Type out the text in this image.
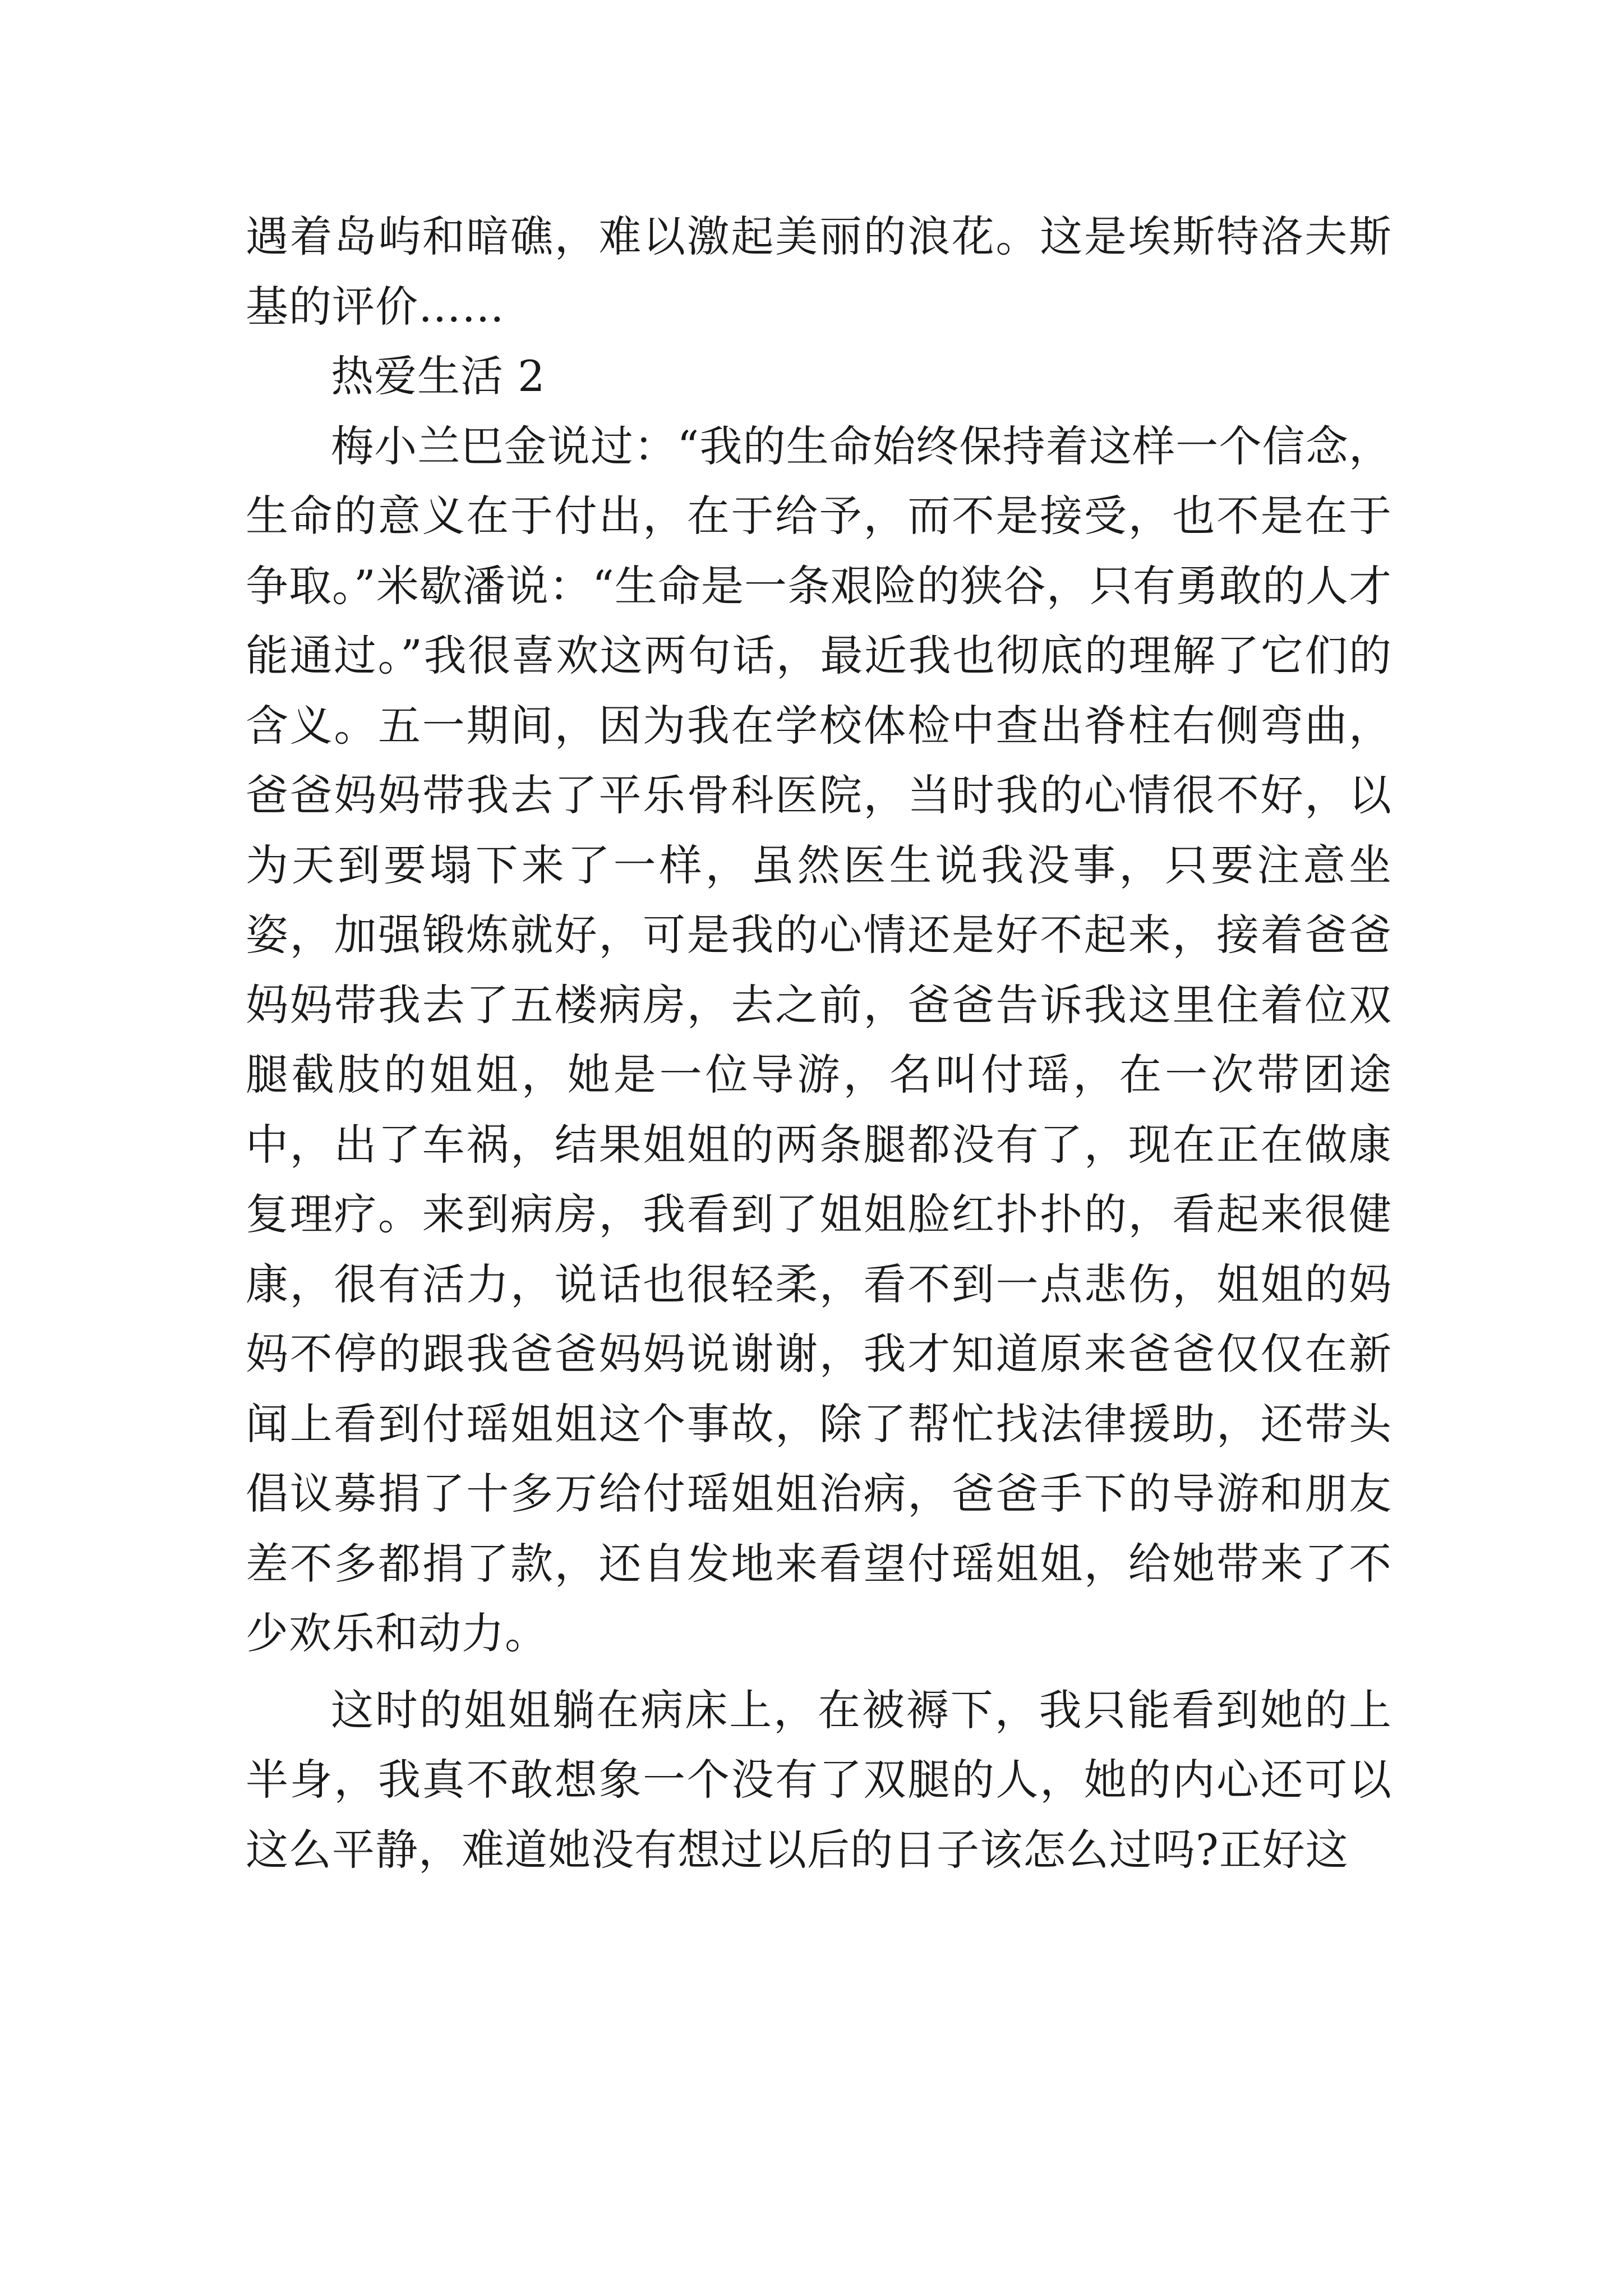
遇着岛屿和暗礁，难以激起美丽的浪花。这是埃斯特洛夫斯基的评价……

热爱生活 2

梅小兰巴金说过：“我的生命始终保持着这样一个信念，生命的意义在于付出，在于给予，而不是接受，也不是在于争取。”米歇潘说：“生命是一条艰险的狭谷，只有勇敢的人才能通过。”我很喜欢这两句话，最近我也彻底的理解了它们的含义。五一期间，因为我在学校体检中查出脊柱右侧弯曲，爸爸妈妈带我去了平乐骨科医院，当时我的心情很不好，以为天到要塌下来了一样，虽然医生说我没事，只要注意坐姿，加强锻炼就好，可是我的心情还是好不起来，接着爸爸妈妈带我去了五楼病房，去之前，爸爸告诉我这里住着位双腿截肢的姐姐，她是一位导游，名叫付瑶，在一次带团途中，出了车祸，结果姐姐的两条腿都没有了，现在正在做康复理疗。来到病房，我看到了姐姐脸红扑扑的，看起来很健康，很有活力，说话也很轻柔，看不到一点悲伤，姐姐的妈妈不停的跟我爸爸妈妈说谢谢，我才知道原来爸爸仅仅在新闻上看到付瑶姐姐这个事故，除了帮忙找法律援助，还带头倡议募捐了十多万给付瑶姐姐治病，爸爸手下的导游和朋友差不多都捐了款，还自发地来看望付瑶姐姐，给她带来了不少欢乐和动力。

这时的姐姐躺在病床上，在被褥下，我只能看到她的上半身，我真不敢想象一个没有了双腿的人，她的内心还可以这么平静，难道她没有想过以后的日子该怎么过吗?正好这
